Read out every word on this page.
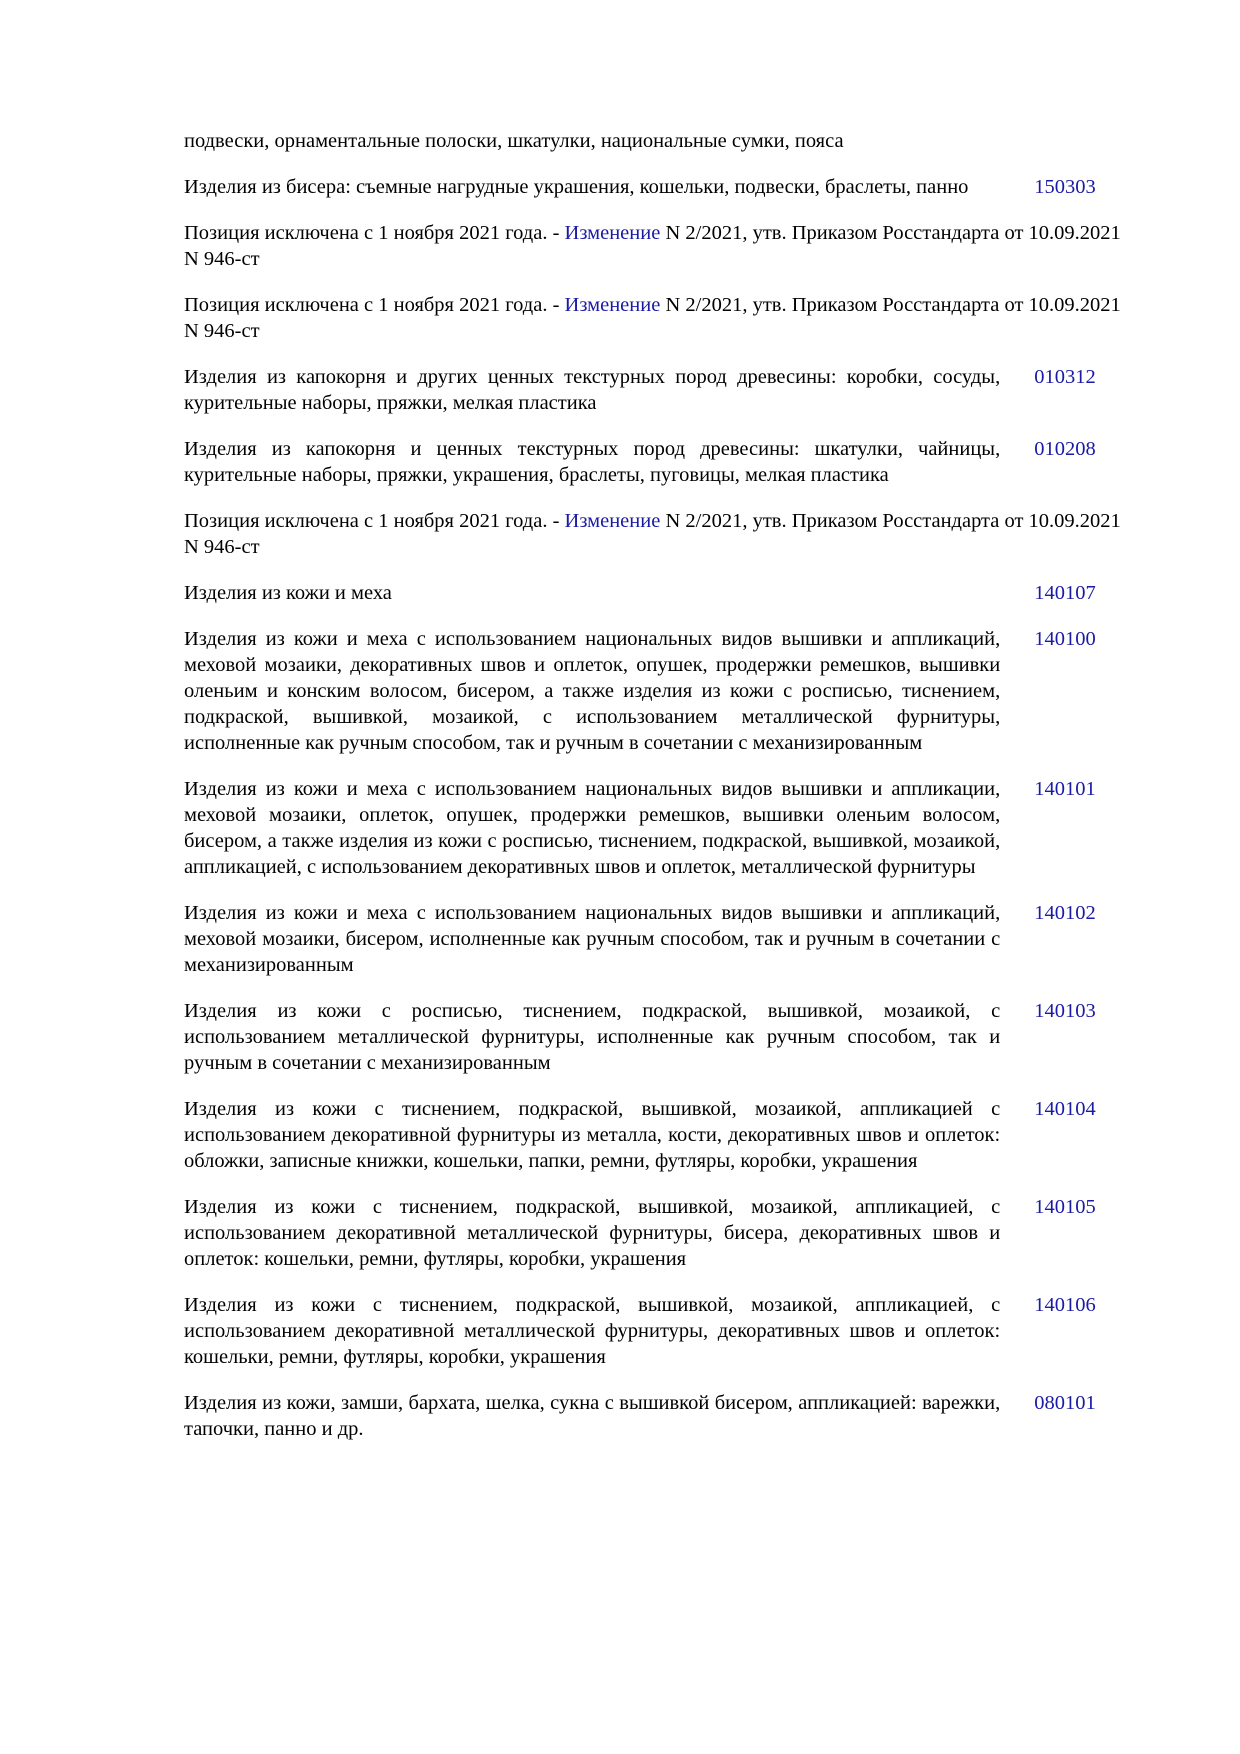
подвески, орнаментальные полоски, шкатулки, национальные сумки, пояса
Изделия из бисера: съемные нагрудные украшения, кошельки, подвески, браслеты, панно	150303
Позиция исключена с 1 ноября 2021 года. - Изменение N 2/2021, утв. Приказом Росстандарта от 10.09.2021 N 946-ст
Позиция исключена с 1 ноября 2021 года. - Изменение N 2/2021, утв. Приказом Росстандарта от 10.09.2021 N 946-ст
Изделия из капокорня и других ценных текстурных пород древесины: коробки, сосуды, курительные наборы, пряжки, мелкая пластика
010312
Изделия из капокорня и ценных текстурных пород древесины: шкатулки, чайницы, курительные наборы, пряжки, украшения, браслеты, пуговицы, мелкая пластика
010208
Позиция исключена с 1 ноября 2021 года. - Изменение N 2/2021, утв. Приказом Росстандарта от 10.09.2021 N 946-ст
Изделия из кожи и меха	140107
Изделия из кожи и меха с использованием национальных видов вышивки и аппликаций, меховой мозаики, декоративных швов и оплеток, опушек, продержки ремешков, вышивки оленьим и конским волосом, бисером, а также изделия из кожи с росписью, тиснением, подкраской, вышивкой, мозаикой, с использованием металлической фурнитуры, исполненные как ручным способом, так и ручным в сочетании с механизированным
140100
Изделия из кожи и меха с использованием национальных видов вышивки и аппликации, меховой мозаики, оплеток, опушек, продержки ремешков, вышивки оленьим волосом, бисером, а также изделия из кожи с росписью, тиснением, подкраской, вышивкой, мозаикой, аппликацией, с использованием декоративных швов и оплеток, металлической фурнитуры
140101
Изделия из кожи и меха с использованием национальных видов вышивки и аппликаций, меховой мозаики, бисером, исполненные как ручным способом, так и ручным в сочетании с механизированным
140102
Изделия из кожи с росписью, тиснением, подкраской, вышивкой, мозаикой, с использованием металлической фурнитуры, исполненные как ручным способом, так и ручным в сочетании с механизированным
140103
Изделия из кожи с тиснением, подкраской, вышивкой, мозаикой, аппликацией с использованием декоративной фурнитуры из металла, кости, декоративных швов и оплеток: обложки, записные книжки, кошельки, папки, ремни, футляры, коробки, украшения
140104
Изделия из кожи с тиснением, подкраской, вышивкой, мозаикой, аппликацией, с использованием декоративной металлической фурнитуры, бисера, декоративных швов и оплеток: кошельки, ремни, футляры, коробки, украшения
140105
Изделия из кожи с тиснением, подкраской, вышивкой, мозаикой, аппликацией, с использованием декоративной металлической фурнитуры, декоративных швов и оплеток: кошельки, ремни, футляры, коробки, украшения
140106
Изделия из кожи, замши, бархата, шелка, сукна с вышивкой бисером, аппликацией: варежки, тапочки, панно и др.
080101
